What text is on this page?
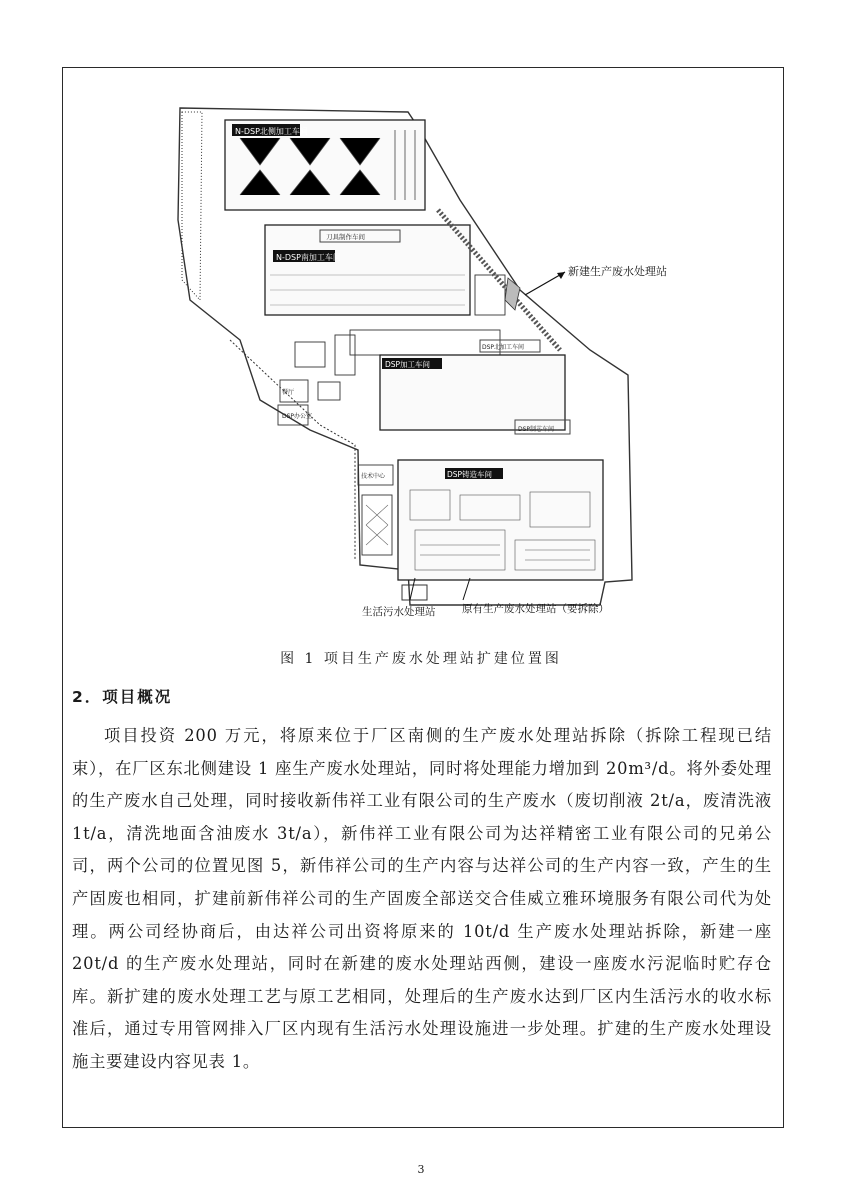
N-DSP北侧加工车间
刀具制作车间
N-DSP南加工车间
DSP加工车间
DSP北加工车间
DSP制芯车间
餐厅
DSP办公室
DSP铸造车间
技术中心
新建生产废水处理站
生活污水处理站	原有生产废水处理站（要拆除）
图 1 项目生产废水处理站扩建位置图
2．项目概况
项目投资 200 万元，将原来位于厂区南侧的生产废水处理站拆除（拆除工程现已结束），在厂区东北侧建设 1 座生产废水处理站，同时将处理能力增加到 20m³/d。将外委处理的生产废水自己处理，同时接收新伟祥工业有限公司的生产废水（废切削液 2t/a，废清洗液 1t/a，清洗地面含油废水 3t/a），新伟祥工业有限公司为达祥精密工业有限公司的兄弟公司，两个公司的位置见图 5，新伟祥公司的生产内容与达祥公司的生产内容一致，产生的生产固废也相同，扩建前新伟祥公司的生产固废全部送交合佳威立雅环境服务有限公司代为处理。两公司经协商后，由达祥公司出资将原来的 10t/d 生产废水处理站拆除，新建一座 20t/d 的生产废水处理站，同时在新建的废水处理站西侧，建设一座废水污泥临时贮存仓库。新扩建的废水处理工艺与原工艺相同，处理后的生产废水达到厂区内生活污水的收水标准后，通过专用管网排入厂区内现有生活污水处理设施进一步处理。扩建的生产废水处理设施主要建设内容见表 1。
3
